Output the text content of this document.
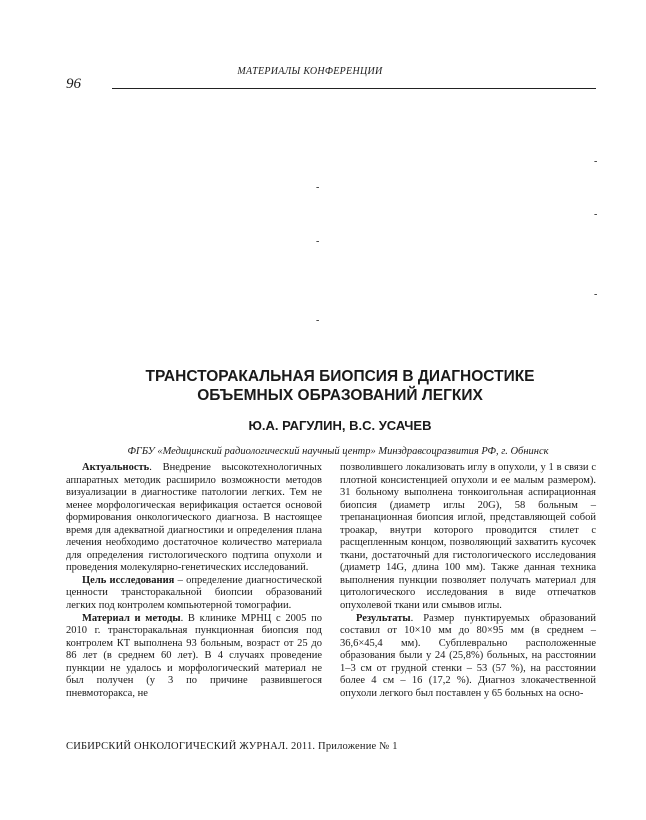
МАТЕРИАЛЫ КОНФЕРЕНЦИИ
96
-
-
-
-
-
-
ТРАНСТОРАКАЛЬНАЯ БИОПСИЯ В ДИАГНОСТИКЕ
ОБЪЕМНЫХ ОБРАЗОВАНИЙ ЛЕГКИХ
Ю.А. РАГУЛИН, В.С. УСАЧЕВ
ФГБУ «Медицинский радиологический научный центр» Минздравсоцразвития РФ, г. Обнинск

Актуальность. Внедрение высокотехнологичных аппаратных методик расширило возможности методов визуализации в диагностике патологии легких. Тем не менее морфологическая верификация остается основой формирования онкологического диагноза. В настоящее время для адекватной диагностики и определения плана лечения необходимо достаточное количество материала для определения гистологического подтипа опухоли и проведения молекулярно-генетических исследований.

Цель исследования – определение диагностической ценности трансторакальной биопсии образований легких под контролем компьютерной томографии.

Материал и методы. В клинике МРНЦ с 2005 по 2010 г. трансторакальная пункционная биопсия под контролем КТ выполнена 93 больным, возраст от 25 до 86 лет (в среднем 60 лет). В 4 случаях проведение пункции не удалось и морфологический материал не был получен (у 3 по причине развившегося пневмоторакса, не

позволившего локализовать иглу в опухоли, у 1 в связи с плотной консистенцией опухоли и ее малым размером). 31 больному выполнена тонкоигольная аспирационная биопсия (диаметр иглы 20G), 58 больным – трепанационная биопсия иглой, представляющей собой троакар, внутри которого проводится стилет с расщепленным концом, позволяющий захватить кусочек ткани, достаточный для гистологического исследования (диаметр 14G, длина 100 мм). Также данная техника выполнения пункции позволяет получать материал для цитологического исследования в виде отпечатков опухолевой ткани или смывов иглы.

Результаты. Размер пунктируемых образований составил от 10×10 мм до 80×95 мм (в среднем – 36,6×45,4 мм). Субплеврально расположенные образования были у 24 (25,8%) больных, на расстоянии 1–3 см от грудной стенки – 53 (57 %), на расстоянии более 4 см – 16 (17,2 %). Диагноз злокачественной опухоли легкого был поставлен у 65 больных на осно-

СИБИРСКИЙ ОНКОЛОГИЧЕСКИЙ ЖУРНАЛ. 2011. Приложение № 1
